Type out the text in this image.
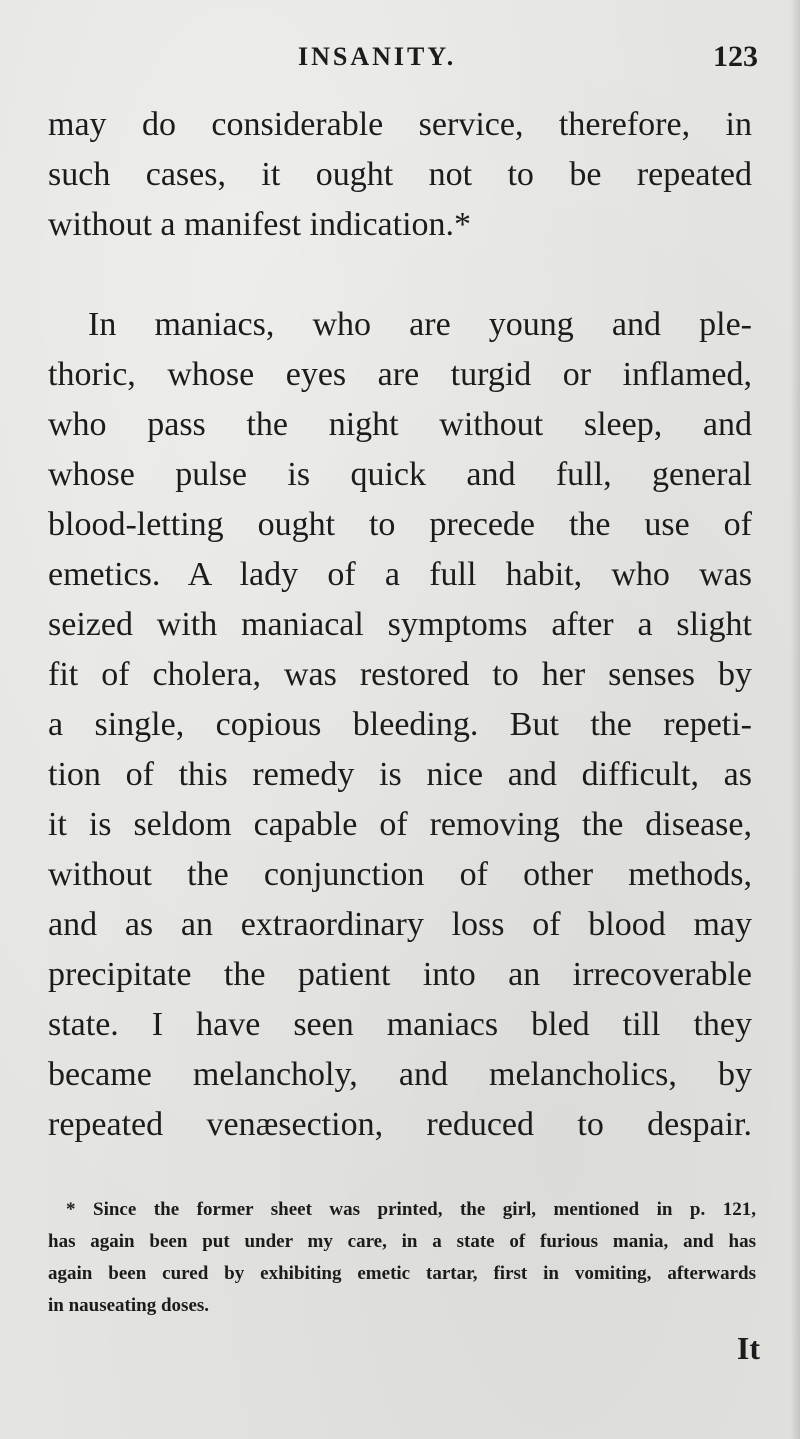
INSANITY.	123
may do considerable service, therefore, in
such cases, it ought not to be repeated
without a manifest indication.*
In maniacs, who are young and ple-
thoric, whose eyes are turgid or inflamed,
who pass the night without sleep, and
whose pulse is quick and full, general
blood-letting ought to precede the use of
emetics. A lady of a full habit, who was
seized with maniacal symptoms after a slight
fit of cholera, was restored to her senses by
a single, copious bleeding. But the repeti-
tion of this remedy is nice and difficult, as
it is seldom capable of removing the disease,
without the conjunction of other methods,
and as an extraordinary loss of blood may
precipitate the patient into an irrecoverable
state. I have seen maniacs bled till they
became melancholy, and melancholics, by
repeated venæsection, reduced to despair.
* Since the former sheet was printed, the girl, mentioned in p. 121,
has again been put under my care, in a state of furious mania, and has
again been cured by exhibiting emetic tartar, first in vomiting, afterwards
in nauseating doses.
It
